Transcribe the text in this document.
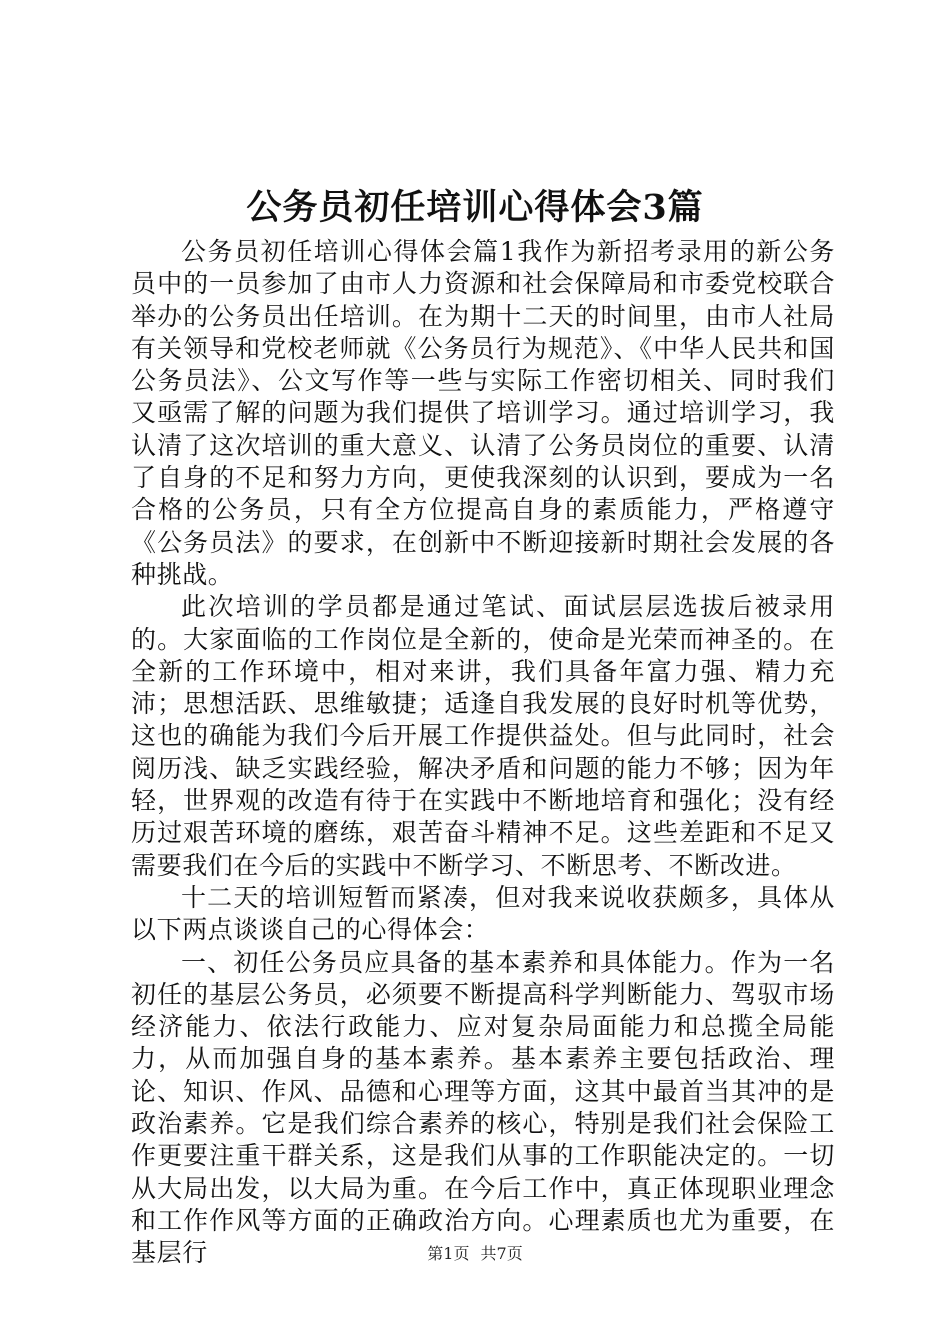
公务员初任培训心得体会3篇

公务员初任培训心得体会篇1我作为新招考录用的新公务员中的一员参加了由市人力资源和社会保障局和市委党校联合举办的公务员出任培训。在为期十二天的时间里，由市人社局有关领导和党校老师就《公务员行为规范》、《中华人民共和国公务员法》、公文写作等一些与实际工作密切相关、同时我们又亟需了解的问题为我们提供了培训学习。通过培训学习，我认清了这次培训的重大意义、认清了公务员岗位的重要、认清了自身的不足和努力方向，更使我深刻的认识到，要成为一名合格的公务员，只有全方位提高自身的素质能力，严格遵守《公务员法》的要求，在创新中不断迎接新时期社会发展的各种挑战。

此次培训的学员都是通过笔试、面试层层选拔后被录用的。大家面临的工作岗位是全新的，使命是光荣而神圣的。在全新的工作环境中，相对来讲，我们具备年富力强、精力充沛；思想活跃、思维敏捷；适逢自我发展的良好时机等优势，这也的确能为我们今后开展工作提供益处。但与此同时，社会阅历浅、缺乏实践经验，解决矛盾和问题的能力不够；因为年轻，世界观的改造有待于在实践中不断地培育和强化；没有经历过艰苦环境的磨练，艰苦奋斗精神不足。这些差距和不足又需要我们在今后的实践中不断学习、不断思考、不断改进。

十二天的培训短暂而紧凑，但对我来说收获颇多，具体从以下两点谈谈自己的心得体会：

一、初任公务员应具备的基本素养和具体能力。作为一名初任的基层公务员，必须要不断提高科学判断能力、驾驭市场经济能力、依法行政能力、应对复杂局面能力和总揽全局能力，从而加强自身的基本素养。基本素养主要包括政治、理论、知识、作风、品德和心理等方面，这其中最首当其冲的是政治素养。它是我们综合素养的核心，特别是我们社会保险工作更要注重干群关系，这是我们从事的工作职能决定的。一切从大局出发，以大局为重。在今后工作中，真正体现职业理念和工作作风等方面的正确政治方向。心理素质也尤为重要，在基层行	第1页 共7页
